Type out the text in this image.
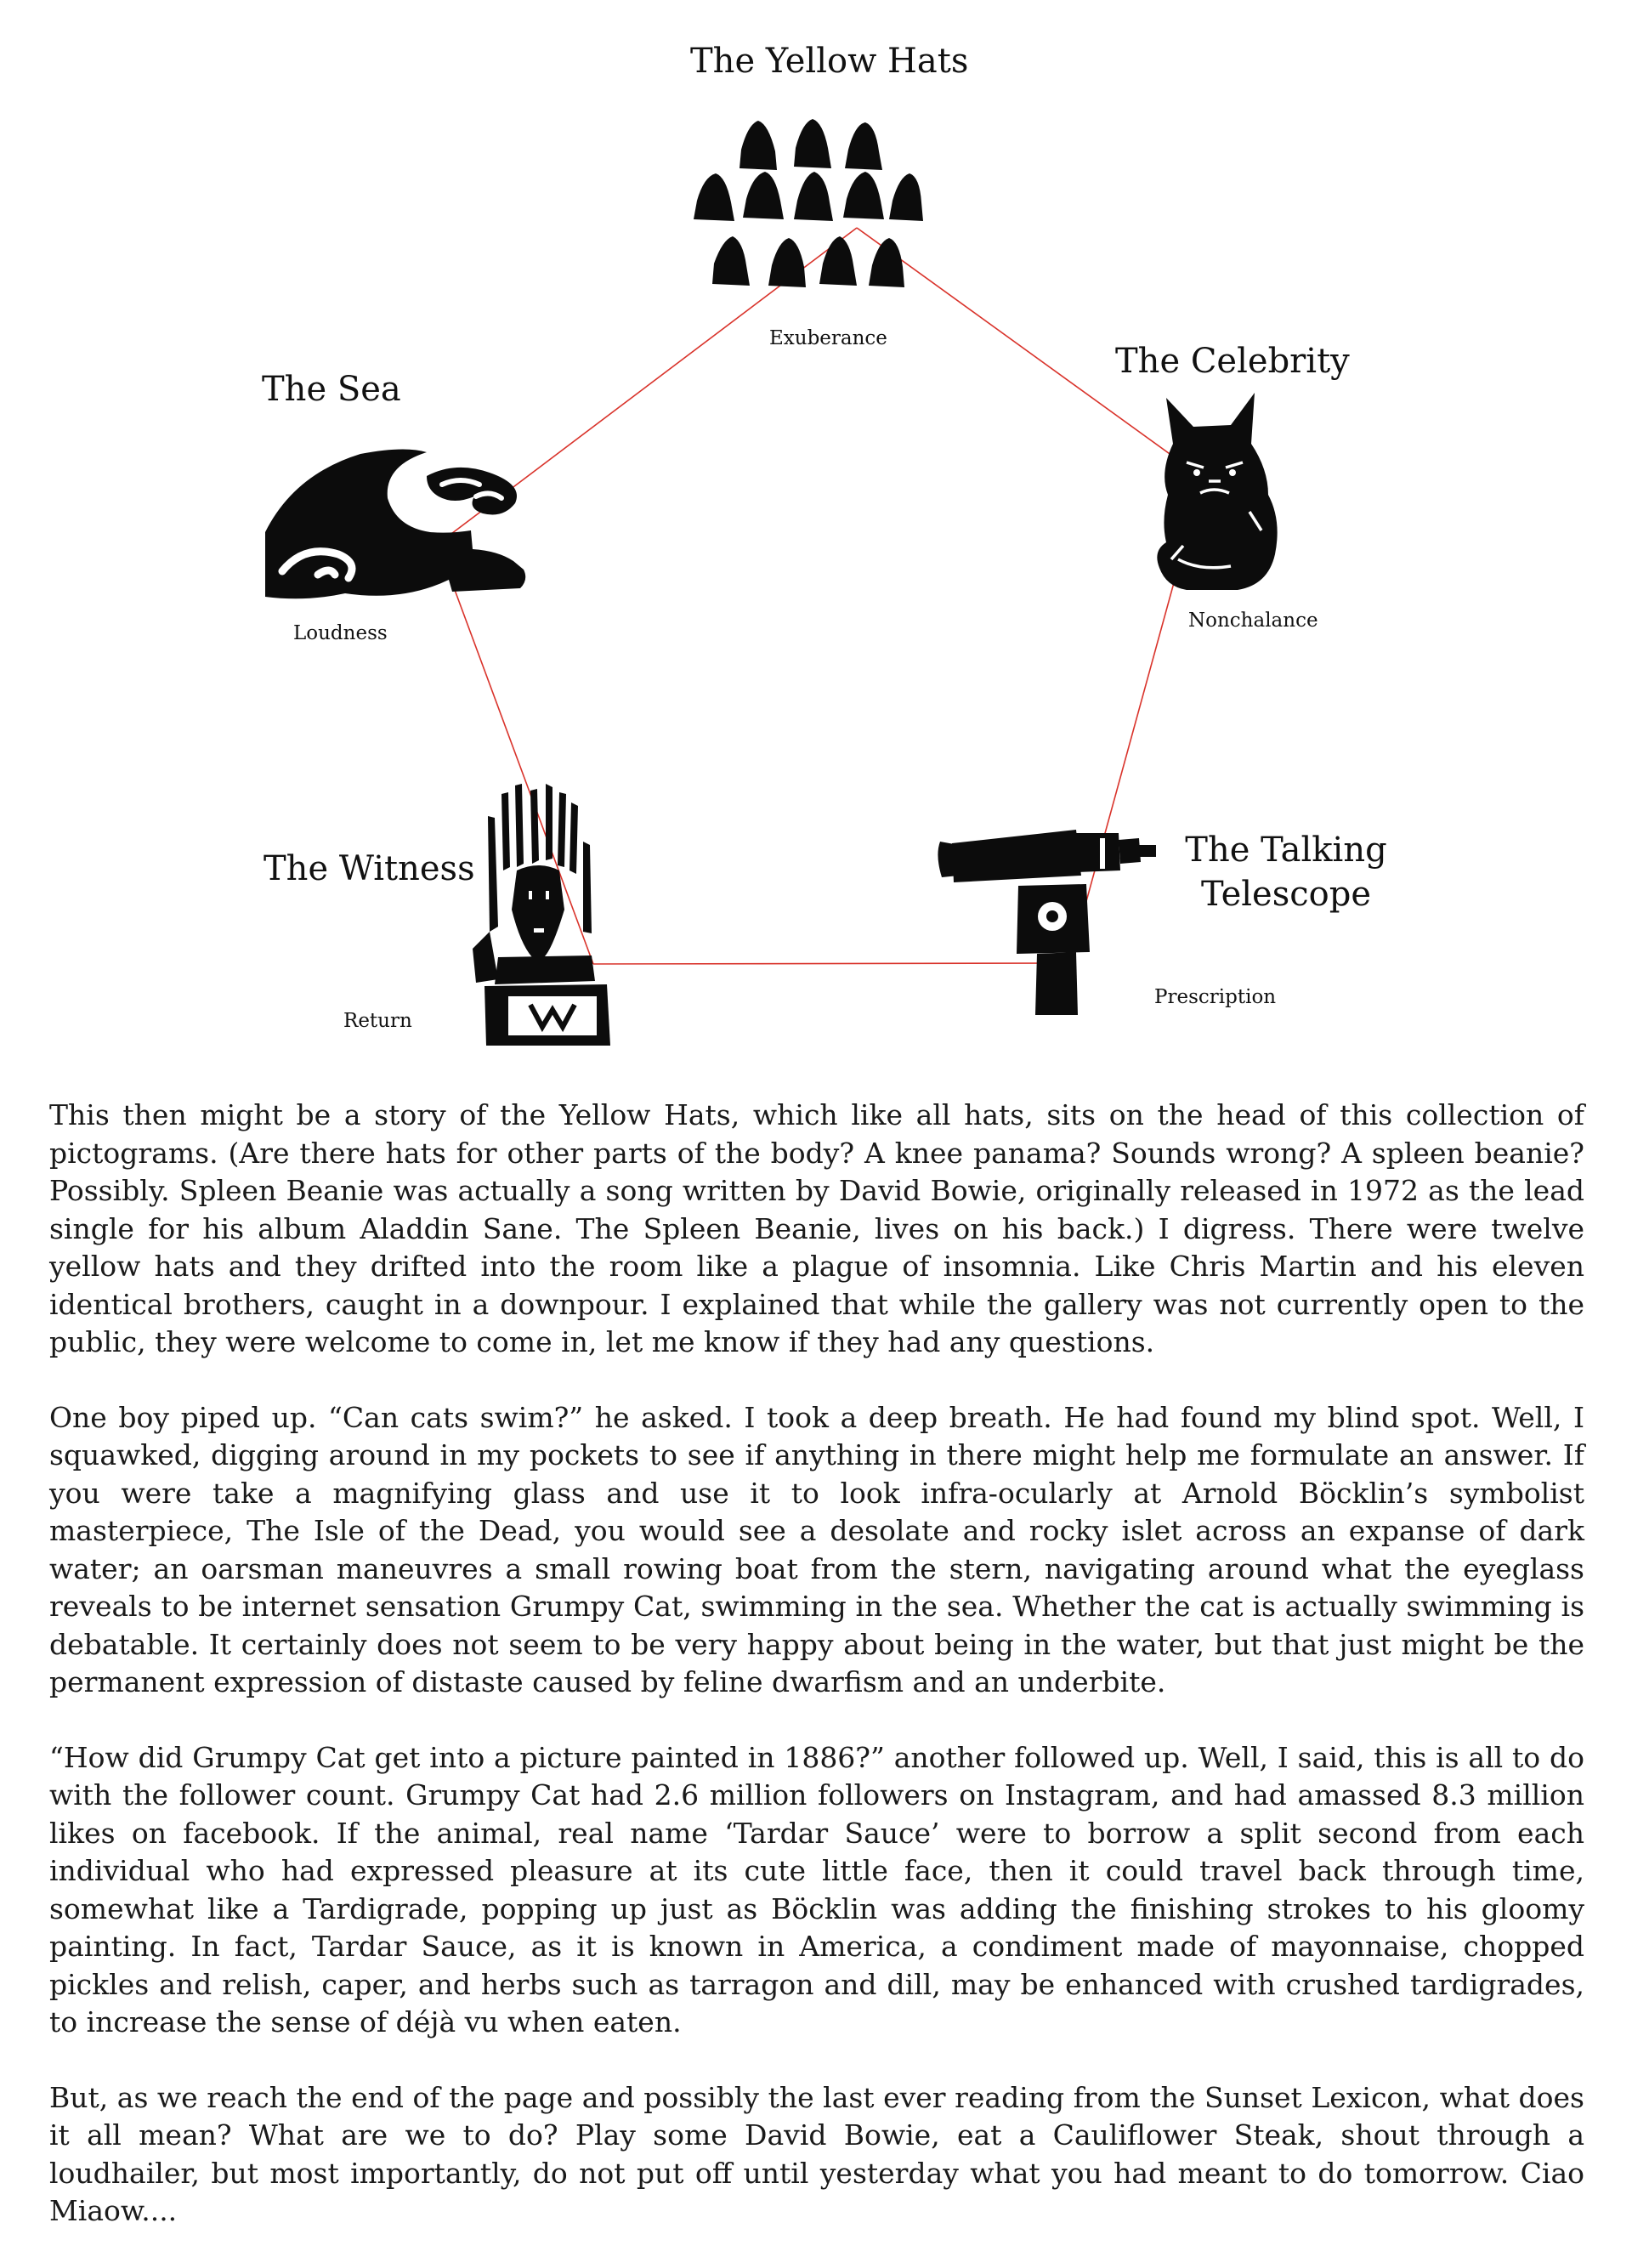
The Yellow Hats
Exuberance
The Celebrity
Nonchalance
The Talking
Telescope
Prescription
The Witness
Return
The Sea
Loudness

This then might be a story of the Yellow Hats, which like all hats, sits on the head of this collection of pictograms. (Are there hats for other parts of the body? A knee panama? Sounds wrong? A spleen beanie? Possibly. Spleen Beanie was actually a song written by David Bowie, originally released in 1972 as the lead single for his album Aladdin Sane. The Spleen Beanie, lives on his back.) I digress. There were twelve yellow hats and they drifted into the room like a plague of insomnia. Like Chris Martin and his eleven identical brothers, caught in a downpour. I explained that while the gallery was not currently open to the public, they were welcome to come in, let me know if they had any questions.

One boy piped up. “Can cats swim?” he asked. I took a deep breath. He had found my blind spot. Well, I squawked, digging around in my pockets to see if anything in there might help me formulate an answer. If you were take a magnifying glass and use it to look infra-ocularly at Arnold Böcklin’s symbolist masterpiece, The Isle of the Dead, you would see a desolate and rocky islet across an expanse of dark water; an oarsman maneuvres a small rowing boat from the stern, navigating around what the eyeglass reveals to be internet sensation Grumpy Cat, swimming in the sea. Whether the cat is actually swimming is debatable. It certainly does not seem to be very happy about being in the water, but that just might be the permanent expression of distaste caused by feline dwarfism and an underbite.

“How did Grumpy Cat get into a picture painted in 1886?” another followed up. Well, I said, this is all to do with the follower count. Grumpy Cat had 2.6 million followers on Instagram, and had amassed 8.3 million likes on facebook. If the animal, real name ‘Tardar Sauce’ were to borrow a split second from each individual who had expressed pleasure at its cute little face, then it could travel back through time, somewhat like a Tardigrade, popping up just as Böcklin was adding the finishing strokes to his gloomy painting. In fact, Tardar Sauce, as it is known in America, a condiment made of mayonnaise, chopped pickles and relish, caper, and herbs such as tarragon and dill, may be enhanced with crushed tardigrades, to increase the sense of déjà vu when eaten.

But, as we reach the end of the page and possibly the last ever reading from the Sunset Lexicon, what does it all mean? What are we to do? Play some David Bowie, eat a Cauliflower Steak, shout through a loudhailer, but most importantly, do not put off until yesterday what you had meant to do tomorrow. Ciao Miaow....
